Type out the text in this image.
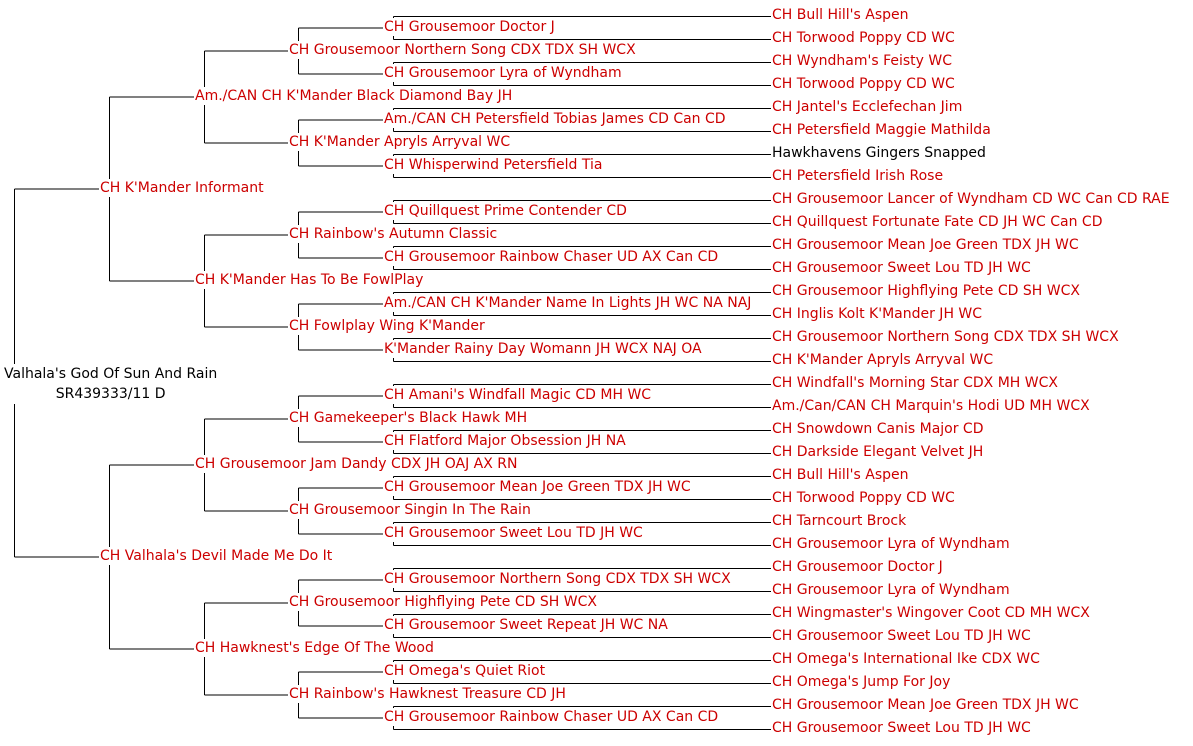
Valhala's God Of Sun And Rain
SR439333/11 D
CH K'Mander Informant
CH Valhala's Devil Made Me Do It
Am./CAN CH K'Mander Black Diamond Bay JH
CH K'Mander Has To Be FowlPlay
CH Grousemoor Jam Dandy CDX JH OAJ AX RN
CH Hawknest's Edge Of The Wood
CH Grousemoor Northern Song CDX TDX SH WCX
CH K'Mander Apryls Arryval WC
CH Rainbow's Autumn Classic
CH Fowlplay Wing K'Mander
CH Gamekeeper's Black Hawk MH
CH Grousemoor Singin In The Rain
CH Grousemoor Highflying Pete CD SH WCX
CH Rainbow's Hawknest Treasure CD JH
CH Grousemoor Doctor J
CH Grousemoor Lyra of Wyndham
Am./CAN CH Petersfield Tobias James CD Can CD
CH Whisperwind Petersfield Tia
CH Quillquest Prime Contender CD
CH Grousemoor Rainbow Chaser UD AX Can CD
Am./CAN CH K'Mander Name In Lights JH WC NA NAJ
K'Mander Rainy Day Womann JH WCX NAJ OA
CH Amani's Windfall Magic CD MH WC
CH Flatford Major Obsession JH NA
CH Grousemoor Mean Joe Green TDX JH WC
CH Grousemoor Sweet Lou TD JH WC
CH Grousemoor Northern Song CDX TDX SH WCX
CH Grousemoor Sweet Repeat JH WC NA
CH Omega's Quiet Riot
CH Grousemoor Rainbow Chaser UD AX Can CD
CH Bull Hill's Aspen
CH Torwood Poppy CD WC
CH Wyndham's Feisty WC
CH Torwood Poppy CD WC
CH Jantel's Ecclefechan Jim
CH Petersfield Maggie Mathilda
Hawkhavens Gingers Snapped
CH Petersfield Irish Rose
CH Grousemoor Lancer of Wyndham CD WC Can CD RAE
CH Quillquest Fortunate Fate CD JH WC Can CD
CH Grousemoor Mean Joe Green TDX JH WC
CH Grousemoor Sweet Lou TD JH WC
CH Grousemoor Highflying Pete CD SH WCX
CH Inglis Kolt K'Mander JH WC
CH Grousemoor Northern Song CDX TDX SH WCX
CH K'Mander Apryls Arryval WC
CH Windfall's Morning Star CDX MH WCX
Am./Can/CAN CH Marquin's Hodi UD MH WCX
CH Snowdown Canis Major CD
CH Darkside Elegant Velvet JH
CH Bull Hill's Aspen
CH Torwood Poppy CD WC
CH Tarncourt Brock
CH Grousemoor Lyra of Wyndham
CH Grousemoor Doctor J
CH Grousemoor Lyra of Wyndham
CH Wingmaster's Wingover Coot CD MH WCX
CH Grousemoor Sweet Lou TD JH WC
CH Omega's International Ike CDX WC
CH Omega's Jump For Joy
CH Grousemoor Mean Joe Green TDX JH WC
CH Grousemoor Sweet Lou TD JH WC
